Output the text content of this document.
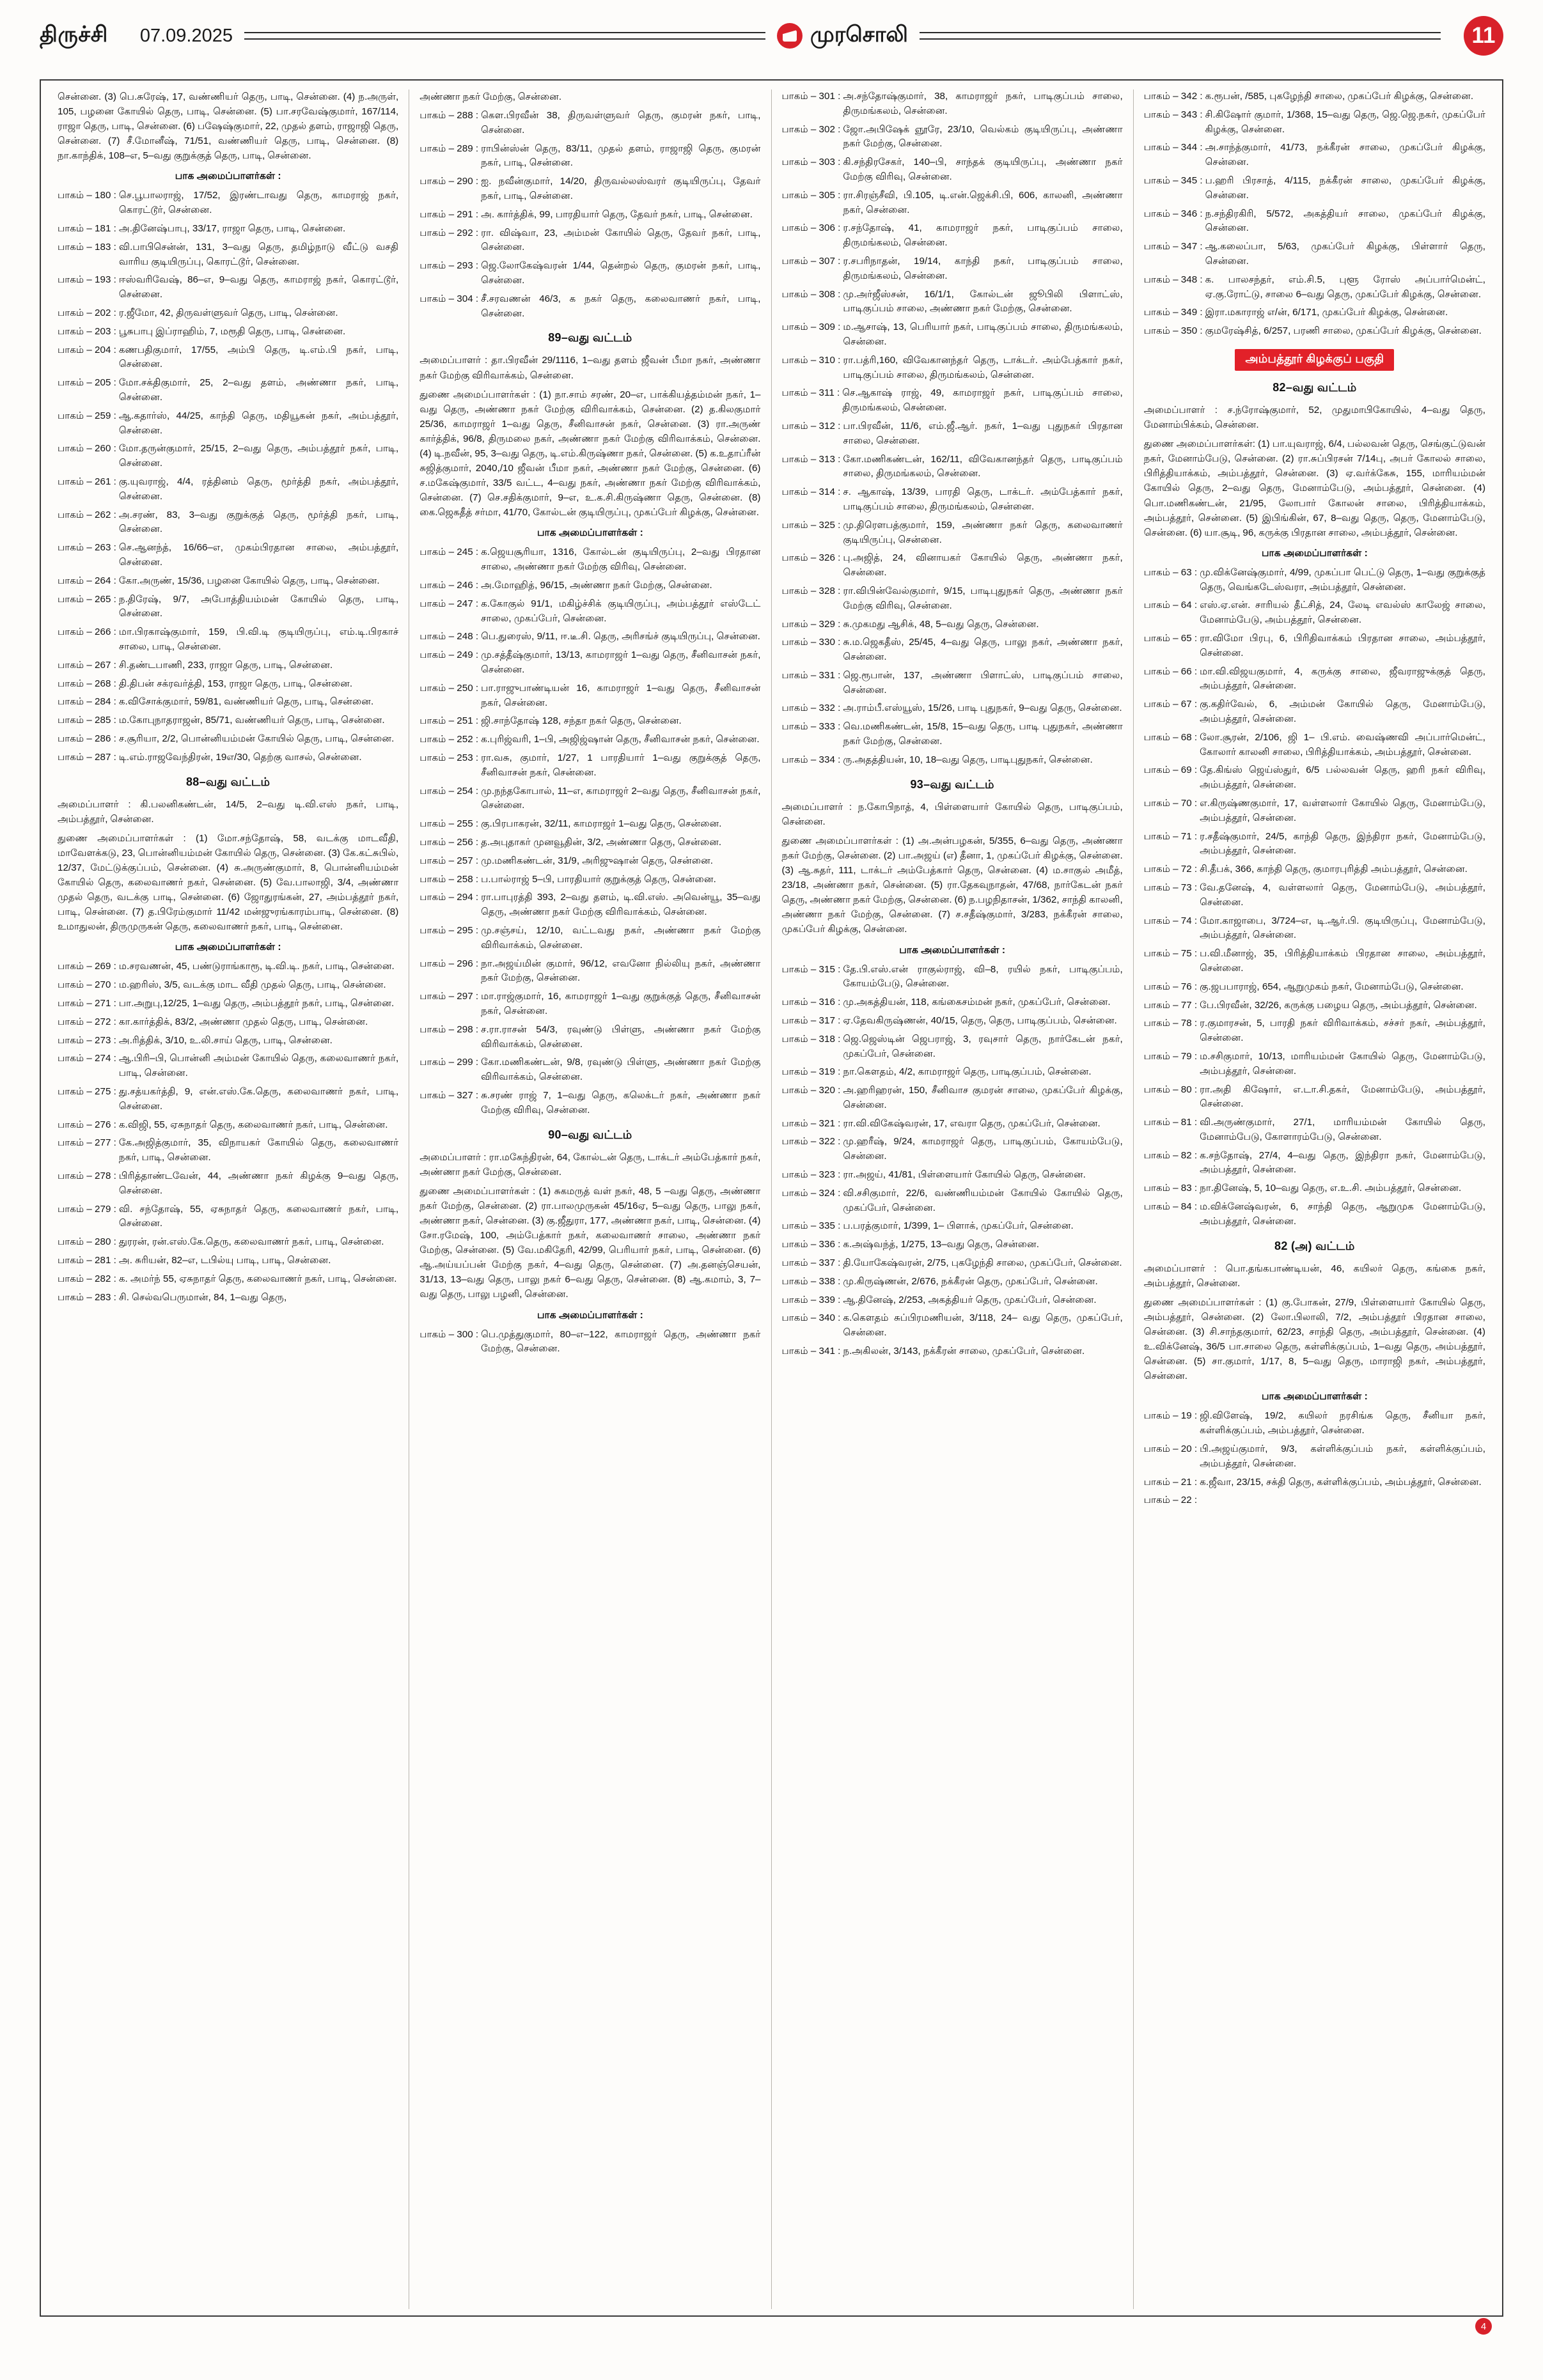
திருச்சி 07.09.2025	முரசொலி	11

சென்னை. (3) பெ.சுரேஷ், 17, வண்ணியர் தெரு, பாடி, சென்னை. (4) ந.அருள், 105, பழனை கோயில் தெரு, பாடி, சென்னை. (5) பா.சரவேஷ்குமார், 167/114, ராஜா தெரு, பாடி, சென்னை. (6) பஷேஷ்குமார், 22, முதல் தளம், ராஜாஜி தெரு, சென்னை. (7) சீ.மோனீஷ், 71/51, வண்ணியர் தெரு, பாடி, சென்னை. (8) நா.காந்திக், 108–எ, 5–வது குறுக்குத் தெரு, பாடி, சென்னை.

பாக அமைப்பாளர்கள் :
பாகம் – 180 : செ.பூபாலராஜ், 17/52, இரண்டாவது தெரு, காமராஜ் நகர், கொரட்டூர், சென்னை.
பாகம் – 181 : அ.தினேஷ்பாபு, 33/17, ராஜா தெரு, பாடி, சென்னை.
பாகம் – 183 : வி.பாபிசென்ன், 131, 3–வது தெரு, தமிழ்நாடு வீட்டு வசதி வாரிய குடியிருப்பு, கொரட்டூர், சென்னை.
பாகம் – 193 : ஈஸ்வரிவேஷ், 86–எ, 9–வது தெரு, காமராஜ் நகர், கொரட்டூர், சென்னை.
பாகம் – 202 : ர.ஜீமோ, 42, திருவள்ளுவர் தெரு, பாடி, சென்னை.
பாகம் – 203 : பூசுபாபு இப்ராஹிம், 7, மரூதி தெரு, பாடி, சென்னை.
பாகம் – 204 : கணபதிகுமார், 17/55, அம்பி தெரு, டி.எம்.பி நகர், பாடி, சென்னை.
பாகம் – 205 : மோ.சக்திகுமார், 25, 2–வது தளம், அண்ணா நகர், பாடி, சென்னை.
பாகம் – 259 : ஆ.கதார்ஸ், 44/25, காந்தி தெரு, மதியூகன் நகர், அம்பத்தூர், சென்னை.
பாகம் – 260 : மோ.தருன்குமார், 25/15, 2–வது தெரு, அம்பத்தூர் நகர், பாடி, சென்னை.
பாகம் – 261 : கு.யுவராஜ், 4/4, ரத்தினம் தெரு, மூர்த்தி நகர், அம்பத்தூர், சென்னை.
பாகம் – 262 : அ.சரண், 83, 3–வது குறுக்குத் தெரு, மூர்த்தி நகர், பாடி, சென்னை.
பாகம் – 263 : செ.ஆனந்த், 16/66–எ, முகம்பிரதான சாலை, அம்பத்தூர், சென்னை.
பாகம் – 264 : கோ.அருண், 15/36, பழனை கோயில் தெரு, பாடி, சென்னை.
பாகம் – 265 : ந.திரேஷ், 9/7, அபோத்தியம்மன் கோயில் தெரு, பாடி, சென்னை.
பாகம் – 266 : மா.பிரகாஷ்குமார், 159, பி.வி.டி குடியிருப்பு, எம்.டி.பிரகாச் சாலை, பாடி, சென்னை.
பாகம் – 267 : சி.தண்டபாணி, 233, ராஜா தெரு, பாடி, சென்னை.
பாகம் – 268 : தி.திபன் சக்ரவர்த்தி, 153, ராஜா தெரு, பாடி, சென்னை.
பாகம் – 284 : க.விசோக்குமார், 59/81, வண்ணியர் தெரு, பாடி, சென்னை.
பாகம் – 285 : ம.கோபுநாதராஜன், 85/71, வண்ணியர் தெரு, பாடி, சென்னை.
பாகம் – 286 : ச.சூரியா, 2/2, பொன்னியம்மன் கோயில் தெரு, பாடி, சென்னை.
பாகம் – 287 : டி.எம்.ராஜவேந்திரன், 19எ/30, தெற்கு வாசல், சென்னை.
88–வது வட்டம்

அமைப்பாளர் : கி.பலனிகண்டன், 14/5, 2–வது டி.வி.எஸ் நகர், பாடி, அம்பத்தூர், சென்னை.

துணை அமைப்பாளர்கள் : (1) மோ.சந்தோஷ், 58, வடக்கு மாடவீதி, மாவேளக்கடு, 23, பொன்னியம்மன் கோயில் தெரு, சென்னை. (3) கே.கட்சுபில், 12/37, மேட்டுக்குப்பம், சென்னை. (4) சு.அருண்குமார், 8, பொன்னியம்மன் கோயில் தெரு, கலைவாணர் நகர், சென்னை. (5) வே.பாலாஜி, 3/4, அண்ணா முதல் தெரு, வடக்கு பாடி, சென்னை. (6) ஜோதுரங்கன், 27, அம்பத்தூர் நகர், பாடி, சென்னை. (7) த.பிரேம்குமார் 11/42 மன்ஜுரங்காரம்பாடி, சென்னை. (8) உமாதுலன், திருமுருகன் தெரு, கலைவாணர் நகர், பாடி, சென்னை.

பாக அமைப்பாளர்கள் :
பாகம் – 269 : ம.சரவணன், 45, பண்டுராங்காரூ, டி.வி.டி. நகர், பாடி, சென்னை.
பாகம் – 270 : ம.ஹரிஸ், 3/5, வடக்கு மாட வீதி முதல் தெரு, பாடி, சென்னை.
பாகம் – 271 : பா.அறுபு,12/25, 1–வது தெரு, அம்பத்தூர் நகர், பாடி, சென்னை.
பாகம் – 272 : கா.கார்த்திக், 83/2, அண்ணா முதல் தெரு, பாடி, சென்னை.
பாகம் – 273 : அ.ரித்திக், 3/10, உ.லி.சாய் தெரு, பாடி, சென்னை.
பாகம் – 274 : ஆ.பிரி–பி, பொன்னி அம்மன் கோயில் தெரு, கலைவாணர் நகர், பாடி, சென்னை.
பாகம் – 275 : து.சத்யகர்த்தி, 9, என்.எஸ்.கே.தெரு, கலைவாணர் நகர், பாடி, சென்னை.
பாகம் – 276 : க.விஜி, 55, ஏசுநாதர் தெரு, கலைவாணர் நகர், பாடி, சென்னை.
பாகம் – 277 : கே.அஜித்குமார், 35, விநாயகர் கோயில் தெரு, கலைவாணர் நகர், பாடி, சென்னை.
பாகம் – 278 : பிரித்தாண்டவேன், 44, அண்ணா நகர் கிழக்கு 9–வது தெரு, சென்னை.
பாகம் – 279 : வி. சந்தோஷ், 55, ஏசுநாதர் தெரு, கலைவாணர் நகர், பாடி, சென்னை.
பாகம் – 280 : துரரன், ரன்.எஸ்.கே.தெரு, கலைவாணர் நகர், பாடி, சென்னை.
பாகம் – 281 : அ. சுரியன், 82–எ, டபில்யு பாடி, பாடி, சென்னை.
பாகம் – 282 : க. அமர்ந் 55, ஏசுநாதர் தெரு, கலைவாணர் நகர், பாடி, சென்னை.
பாகம் – 283 : சி. செல்வபெருமான், 84, 1–வது தெரு,

அண்ணா நகர் மேற்கு, சென்னை.

பாகம் – 288 : கௌ.பிரவீன் 38, திருவள்ளுவர் தெரு, குமரன் நகர், பாடி, சென்னை.
பாகம் – 289 : ராபின்ஸ்ன் தெரு, 83/11, முதல் தளம், ராஜாஜி தெரு, குமரன் நகர், பாடி, சென்னை.
பாகம் – 290 : ஐ. நவீன்குமார், 14/20, திருவல்லஸ்வரர் குடியிருப்பு, தேவர் நகர், பாடி, சென்னை.
பாகம் – 291 : அ. கார்த்திக், 99, பாரதியார் தெரு, தேவர் நகர், பாடி, சென்னை.
பாகம் – 292 : ரா. விஷ்வா, 23, அம்மன் கோயில் தெரு, தேவர் நகர், பாடி, சென்னை.
பாகம் – 293 : ஜெ.லோகேஷ்வரன் 1/44, தென்றல் தெரு, குமரன் நகர், பாடி, சென்னை.
பாகம் – 304 : சீ.சரவணன் 46/3, க நகர் தெரு, கலைவாணர் நகர், பாடி, சென்னை.
89–வது வட்டம்

அமைப்பாளர் : தா.பிரவீன் 29/1116, 1–வது தளம் ஜீவன் பீமா நகர், அண்ணா நகர் மேற்கு விரிவாக்கம், சென்னை.

துணை அமைப்பாளர்கள் : (1) நா.சாம் சரண், 20–எ, பாக்கியத்தம்மன் நகர், 1–வது தெரு, அண்ணா நகர் மேற்கு விரிவாக்கம், சென்னை. (2) த.கிலகுமார் 25/36, காமராஜர் 1–வது தெரு, சீனிவாசன் நகர், சென்னை. (3) ரா.அருண் கார்த்திக், 96/8, திருமலை நகர், அண்ணா நகர் மேற்கு விரிவாக்கம், சென்னை. (4) டி.நவீன், 95, 3–வது தெரு, டி.எம்.கிருஷ்ணா நகர், சென்னை. (5) க.உதாப்ரீன் சுஜித்குமார், 2040,/10 ஜீவன் பீமா நகர், அண்ணா நகர் மேற்கு, சென்னை. (6) ச.மகேஷ்குமார், 33/5 வட்ட, 4–வது நகர், அண்ணா நகர் மேற்கு விரிவாக்கம், சென்னை. (7) செ.சதிக்குமார், 9–எ, உ.க.சி.கிருஷ்ணா தெரு, சென்னை. (8) கை.ஜெகதீத் சர்மா, 41/70, கோல்டன் குடியிருப்பு, முகப்பேர் கிழக்கு, சென்னை.

பாக அமைப்பாளர்கள் :
பாகம் – 245 : க.ஜெயசூரியா, 1316, கோல்டன் குடியிருப்பு, 2–வது பிரதான சாலை, அண்ணா நகர் மேற்கு விரிவு, சென்னை.
பாகம் – 246 : அ.மோஹித், 96/15, அண்ணா நகர் மேற்கு, சென்னை.
பாகம் – 247 : க.கோகுல் 91/1, மகிழ்ச்சிக் குடியிருப்பு, அம்பத்தூர் எஸ்டேட் சாலை, முகப்பேர், சென்னை.
பாகம் – 248 : பெ.துரைஸ், 9/11, ஈ.டீ.சி. தெரு, அரிசங்ச் குடியிருப்பு, சென்னை.
பாகம் – 249 : மு.சத்தீஷ்குமார், 13/13, காமராஜர் 1–வது தெரு, சீனிவாசன் நகர், சென்னை.
பாகம் – 250 : பா.ராஜுபாண்டியன் 16, காமராஜர் 1–வது தெரு, சீனிவாசன் நகர், சென்னை.
பாகம் – 251 : ஜி.சாந்தோஷ் 128, சந்தா நகர் தெரு, சென்னை.
பாகம் – 252 : க.புரிஜ்வரி, 1–பி, அஜிஜ்ஷான் தெரு, சீனிவாசன் நகர், சென்னை.
பாகம் – 253 : ரா.வசு, குமார், 1/27, 1 பாரதியார் 1–வது குறுக்குத் தெரு, சீனிவாசன் நகர், சென்னை.
பாகம் – 254 : மு.நந்தகோபால், 11–எ, காமராஜர் 2–வது தெரு, சீனிவாசன் நகர், சென்னை.
பாகம் – 255 : கு.பிரபாகரன், 32/11, காமராஜர் 1–வது தெரு, சென்னை.
பாகம் – 256 : த.அபுதாகர் முனவூதின், 3/2, அண்ணா தெரு, சென்னை.
பாகம் – 257 : மு.மணிகண்டன், 31/9, அரிஜுஷான் தெரு, சென்னை.
பாகம் – 258 : ப.பால்ராஜ் 5–பி, பாரதியார் குறுக்குத் தெரு, சென்னை.
பாகம் – 294 : ரா.பாபுரத்தி 393, 2–வது தளம், டி.வி.எஸ். அவென்யூ, 35–வது தெரு, அண்ணா நகர் மேற்கு விரிவாக்கம், சென்னை.
பாகம் – 295 : மு.சஞ்சய், 12/10, வட்டவது நகர், அண்ணா நகர் மேற்கு விரிவாக்கம், சென்னை.
பாகம் – 296 : நா.அஜய்மின் குமார், 96/12, எவனோ நில்லியு நகர், அண்ணா நகர் மேற்கு, சென்னை.
பாகம் – 297 : மா.ராஜ்குமார், 16, காமராஜர் 1–வது குறுக்குத் தெரு, சீனிவாசன் நகர், சென்னை.
பாகம் – 298 : ச.ரா.ராசன் 54/3, ரவுண்டு பிள்ளு, அண்ணா நகர் மேற்கு விரிவாக்கம், சென்னை.
பாகம் – 299 : கோ.மணிகண்டன், 9/8, ரவுண்டு பிள்ளு, அண்ணா நகர் மேற்கு விரிவாக்கம், சென்னை.
பாகம் – 327 : சு.சரண் ராஜ் 7, 1–வது தெரு, கலெக்டர் நகர், அண்ணா நகர் மேற்கு விரிவு, சென்னை.
90–வது வட்டம்

அமைப்பாளர் : ரா.மகேந்திரன், 64, கோல்டன் தெரு, டாக்டர் அம்பேத்கார் நகர், அண்ணா நகர் மேற்கு, சென்னை.

துணை அமைப்பாளர்கள் : (1) சுகமருத் வள் நகர், 48, 5 –வது தெரு, அண்ணா நகர் மேற்கு, சென்னை. (2) ரா.பாலமுருகன் 45/16ஏ, 5–வது தெரு, பாலு நகர், அண்ணா நகர், சென்னை. (3) கு.ஜீதுரா, 177, அண்ணா நகர், பாடி, சென்னை. (4) சோ.ரமேஷ், 100, அம்பேத்கார் நகர், கலைவாணர் சாலை, அண்ணா நகர் மேற்கு, சென்னை. (5) வே.மகிதேரி, 42/99, பெரியார் நகர், பாடி, சென்னை. (6) ஆ.அய்யப்பன் மேற்கு நகர், 4–வது தெரு, சென்னை. (7) அ.தனஞ்செயன், 31/13, 13–வது தெரு, பாலு நகர் 6–வது தெரு, சென்னை. (8) ஆ.கமாம், 3, 7–வது தெரு, பாலு பழனி, சென்னை.

பாக அமைப்பாளர்கள் :
பாகம் – 300 : பெ.முத்துகுமார், 80–எ–122, காமராஜர் தெரு, அண்ணா நகர் மேற்கு, சென்னை.
பாகம் – 301 : அ.சந்தோஷ்குமார், 38, காமராஜர் நகர், பாடிகுப்பம் சாலை, திருமங்கலம், சென்னை.
பாகம் – 302 : ஜோ.அபிஷேக் ஞூரே, 23/10, வெல்கம் குடியிருப்பு, அண்ணா நகர் மேற்கு, சென்னை.
பாகம் – 303 : கி.சந்திரசேகர், 140–பி, சாந்தக் குடியிருப்பு, அண்ணா நகர் மேற்கு விரிவு, சென்னை.
பாகம் – 305 : ரா.சிரஞ்சீவி, பி.105, டி.என்.ஜெக்சி.பி, 606, காலனி, அண்ணா நகர், சென்னை.
பாகம் – 306 : ர.சந்தோஷ், 41, காமராஜர் நகர், பாடிகுப்பம் சாலை, திருமங்கலம், சென்னை.
பாகம் – 307 : ர.சபரிநாதன், 19/14, காந்தி நகர், பாடிகுப்பம் சாலை, திருமங்கலம், சென்னை.
பாகம் – 308 : மு.அர்ஜீஸ்சன், 16/1/1, கோல்டன் ஜூபிலி பிளாட்ஸ், பாடிகுப்பம் சாலை, அண்ணா நகர் மேற்கு, சென்னை.
பாகம் – 309 : ம.ஆசாஷ், 13, பெரியார் நகர், பாடிகுப்பம் சாலை, திருமங்கலம், சென்னை.
பாகம் – 310 : ரா.பத்ரி,160, விவேகானந்தர் தெரு, டாக்டர். அம்பேத்கார் நகர், பாடிகுப்பம் சாலை, திருமங்கலம், சென்னை.
பாகம் – 311 : செ.ஆகாஷ் ராஜ், 49, காமராஜர் நகர், பாடிகுப்பம் சாலை, திருமங்கலம், சென்னை.
பாகம் – 312 : பா.பிரவீன், 11/6, எம்.ஜீ.ஆர். நகர், 1–வது புதுநகர் பிரதான சாலை, சென்னை.
பாகம் – 313 : கோ.மணிகண்டன், 162/11, விவேகானந்தர் தெரு, பாடிகுப்பம் சாலை, திருமங்கலம், சென்னை.
பாகம் – 314 : ச. ஆகாஷ், 13/39, பாரதி தெரு, டாக்டர். அம்பேத்கார் நகர், பாடிகுப்பம் சாலை, திருமங்கலம், சென்னை.
பாகம் – 325 : மு.திரௌபத்குமார், 159, அண்ணா நகர் தெரு, கலைவாணர் குடியிருப்பு, சென்னை.
பாகம் – 326 : பு.அஜித், 24, வினாயகர் கோயில் தெரு, அண்ணா நகர், சென்னை.
பாகம் – 328 : ரா.விபின்வேல்குமார், 9/15, பாடிபுதுநகர் தெரு, அண்ணா நகர் மேற்கு விரிவு, சென்னை.
பாகம் – 329 : சு.முகமது ஆசிக், 48, 5–வது தெரு, சென்னை.
பாகம் – 330 : சு.ம.ஜெகதீஸ், 25/45, 4–வது தெரு, பாலு நகர், அண்ணா நகர், சென்னை.
பாகம் – 331 : ஜெ.ரூபான், 137, அண்ணா பிளாட்ஸ், பாடிகுப்பம் சாலை, சென்னை.
பாகம் – 332 : அ.ராம்பீ.எஸ்யூஸ், 15/26, பாடி புதுநகர், 9–வது தெரு, சென்னை.
பாகம் – 333 : வெ.மணிகண்டன், 15/8, 15–வது தெரு, பாடி புதுநகர், அண்ணா நகர் மேற்கு, சென்னை.
பாகம் – 334 : ரு.அதத்தியன், 10, 18–வது தெரு, பாடிபுதுநகர், சென்னை.
93–வது வட்டம்

அமைப்பாளர் : ந.கோபிநாத், 4, பிள்ளையார் கோயில் தெரு, பாடிகுப்பம், சென்னை.

துணை அமைப்பாளர்கள் : (1) அ.அன்பழகன், 5/355, 6–வது தெரு, அண்ணா நகர் மேற்கு, சென்னை. (2) பா.அஜய் (எ) தீனா, 1, முகப்பேர் கிழக்கு, சென்னை. (3) ஆ.சுதர், 111, டாக்டர் அம்பேத்கார் தெரு, சென்னை. (4) ம.சாகுல் அமீத், 23/18, அண்ணா நகர், சென்னை. (5) ரா.தேகவுநாதன், 47/68, நார்கேடன் நகர் தெரு, அண்ணா நகர் மேற்கு, சென்னை. (6) ந.பழநிதாசன், 1/362, சாந்தி காலனி, அண்ணா நகர் மேற்கு, சென்னை. (7) ச.சதீஷ்குமார், 3/283, நக்கீரன் சாலை, முகப்பேர் கிழக்கு, சென்னை.

பாக அமைப்பாளர்கள் :
பாகம் – 315 : தே.பி.எஸ்.என் ராகுல்ராஜ், வி–8, ரயில் நகர், பாடிகுப்பம், கோயம்பேடு, சென்னை.
பாகம் – 316 : மு.அகத்தியன், 118, கங்கைசம்மன் நகர், முகப்பேர், சென்னை.
பாகம் – 317 : ஏ.தேவகிருஷ்ணன், 40/15, தெரு, தெரு, பாடிகுப்பம், சென்னை.
பாகம் – 318 : ஜெ.ஜெஸ்டின் ஜெபராஜ், 3, ரவுசார் தெரு, நார்கேடன் நகர், முகப்பேர், சென்னை.
பாகம் – 319 : நா.கௌதம், 4/2, காமராஜர் தெரு, பாடிகுப்பம், சென்னை.
பாகம் – 320 : அ.ஹரிஹரன், 150, சீனிவாச குமரன் சாலை, முகப்பேர் கிழக்கு, சென்னை.
பாகம் – 321 : ரா.வி.விகேஷ்வரன், 17, எவரா தெரு, முகப்பேர், சென்னை.
பாகம் – 322 : மு.ஹரீஷ், 9/24, காமராஜர் தெரு, பாடிகுப்பம், கோயம்பேடு, சென்னை.
பாகம் – 323 : ரா.அஜய், 41/81, பிள்ளையார் கோயில் தெரு, சென்னை.
பாகம் – 324 : வி.சசிகுமார், 22/6, வண்ணியம்மன் கோயில் கோயில் தெரு, முகப்பேர், சென்னை.
பாகம் – 335 : ப.பரத்குமார், 1/399, 1– பிளாக், முகப்பேர், சென்னை.
பாகம் – 336 : க.அஷ்வந்த், 1/275, 13–வது தெரு, சென்னை.
பாகம் – 337 : தி.யோகேஷ்வரன், 2/75, புகழேந்தி சாலை, முகப்பேர், சென்னை.
பாகம் – 338 : மு.கிருஷ்ணன், 2/676, நக்கீரன் தெரு, முகப்பேர், சென்னை.
பாகம் – 339 : ஆ.தினேஷ், 2/253, அகத்தியர் தெரு, முகப்பேர், சென்னை.
பாகம் – 340 : க.கௌதம் சுப்பிரமணியன், 3/118, 24– வது தெரு, முகப்பேர், சென்னை.
பாகம் – 341 : ந.அகிலன், 3/143, நக்கீரன் சாலை, முகப்பேர், சென்னை.
பாகம் – 342 : க.ரூபன், /585, புகழேந்தி சாலை, முகப்பேர் கிழக்கு, சென்னை.
பாகம் – 343 : சி.கிஷோர் குமார், 1/368, 15–வது தெரு, ஜெ.ஜெ.நகர், முகப்பேர் கிழக்கு, சென்னை.
பாகம் – 344 : அ.சாந்த்குமார், 41/73, நக்கீரன் சாலை, முகப்பேர் கிழக்கு, சென்னை.
பாகம் – 345 : ப.ஹரி பிரசாத், 4/115, நக்கீரன் சாலை, முகப்பேர் கிழக்கு, சென்னை.
பாகம் – 346 : ந.சந்திரகிரி, 5/572, அகத்தியர் சாலை, முகப்பேர் கிழக்கு, சென்னை.
பாகம் – 347 : ஆ.கலைப்பா, 5/63, முகப்பேர் கிழக்கு, பிள்ளார் தெரு, சென்னை.
பாகம் – 348 : க. பாலசந்தர், எம்.சி.5, புளூ ரோஸ் அப்பார்மென்ட், ஏ.கு.ரோட்டு, சாலை 6–வது தெரு, முகப்பேர் கிழக்கு, சென்னை.
பாகம் – 349 : இரா.மகாராஜ் எ/ன், 6/171, முகப்பேர் கிழக்கு, சென்னை.
பாகம் – 350 : குமரேஷ்சித், 6/257, பரணி சாலை, முகப்பேர் கிழக்கு, சென்னை.
அம்பத்தூர் கிழக்குப் பகுதி
82–வது வட்டம்

அமைப்பாளர் : ச.ந்ரோஷ்குமார், 52, முதுமாபிகோயில், 4–வது தெரு, மேனாம்பிக்கம், சென்னை.

துணை அமைப்பாளர்கள்: (1) பா.யுவராஜ், 6/4, பல்லவன் தெரு, செங்குட்டுவன் நகர், மேனாம்பேடு, சென்னை. (2) ரா.சுப்பிரசன் 7/14பு, அபர் கோலல் சாலை, பிரித்தியாக்கம், அம்பத்தூர், சென்னை. (3) ஏ.வர்க்கேசு, 155, மாரியம்மன் கோயில் தெரு, 2–வது தெரு, மேனாம்பேடு, அம்பத்தூர், சென்னை. (4) பொ.மணிகண்டன், 21/95, லோபார் கோலன் சாலை, பிரித்தியாக்கம், அம்பத்தூர், சென்னை. (5) இபிங்கின், 67, 8–வது தெரு, தெரு, மேனாம்பேடு, சென்னை. (6) யா.சூடி, 96, கருக்கு பிரதான சாலை, அம்பத்தூர், சென்னை.

பாக அமைப்பாளர்கள் :
பாகம் – 63 : மு.விக்னேஷ்குமார், 4/99, முகப்பா பெட்டு தெரு, 1–வது குறுக்குத் தெரு, வெங்கடேஸ்வரா, அம்பத்தூர், சென்னை.
பாகம் – 64 : எஸ்.ஏ.என். சாரியல் தீட்சித், 24, லேடி எவல்ஸ் காலேஜ் சாலை, மேனாம்பேடு, அம்பத்தூர், சென்னை.
பாகம் – 65 : ரா.விமோ பிரபு, 6, பிரிதிவாக்கம் பிரதான சாலை, அம்பத்தூர், சென்னை.
பாகம் – 66 : மா.வி.விஜயகுமார், 4, கருக்கு சாலை, ஜீவராஜுக்குத் தெரு, அம்பத்தூர், சென்னை.
பாகம் – 67 : கு.கதிர்வேல், 6, அம்மன் கோயில் தெரு, மேனாம்பேடு, அம்பத்தூர், சென்னை.
பாகம் – 68 : லோ.சூரன், 2/106, ஜி 1– பி.எம். வைஷ்ணவி அப்பார்மென்ட், கோலார் காலனி சாலை, பிரித்தியாக்கம், அம்பத்தூர், சென்னை.
பாகம் – 69 : தே.கிங்ஸ் ஜெய்ஸ்துர், 6/5 பல்லவன் தெரு, ஹரி நகர் விரிவு, அம்பத்தூர், சென்னை.
பாகம் – 70 : எ.கிருஷ்ணகுமார், 17, வள்ளலார் கோயில் தெரு, மேனாம்பேடு, அம்பத்தூர், சென்னை.
பாகம் – 71 : ர.சதீஷ்குமார், 24/5, காந்தி தெரு, இந்திரா நகர், மேனாம்பேடு, அம்பத்தூர், சென்னை.
பாகம் – 72 : சி.தீபக், 366, காந்தி தெரு, குமாரபுரித்தி அம்பத்தூர், சென்னை.
பாகம் – 73 : வே.தனேஷ், 4, வள்ளலார் தெரு, மேனாம்பேடு, அம்பத்தூர், சென்னை.
பாகம் – 74 : மோ.காஜாபை, 3/724–எ, டி.ஆர்.பி. குடியிருப்பு, மேனாம்பேடு, அம்பத்தூர், சென்னை.
பாகம் – 75 : ப.வி.மீனாஜ், 35, பிரித்தியாக்கம் பிரதான சாலை, அம்பத்தூர், சென்னை.
பாகம் – 76 : கு.ஜபபாராஜ், 654, ஆறுமுகம் நகர், மேனாம்பேடு, சென்னை.
பாகம் – 77 : பே.பிரவீன், 32/26, கருக்கு பழைய தெரு, அம்பத்தூர், சென்னை.
பாகம் – 78 : ர.குமாரசன், 5, பாரதி நகர் விரிவாக்கம், சச்சர் நகர், அம்பத்தூர், சென்னை.
பாகம் – 79 : ம.சசிகுமார், 10/13, மாரியம்மன் கோயில் தெரு, மேனாம்பேடு, அம்பத்தூர், சென்னை.
பாகம் – 80 : ரா.அதி கிஷோர், எ.டா.சி.தகர், மேனாம்பேடு, அம்பத்தூர், சென்னை.
பாகம் – 81 : வி.அருண்குமார், 27/1, மாரியம்மன் கோயில் தெரு, மேனாம்பேடு, கோளாரம்பேடு, சென்னை.
பாகம் – 82 : க.சந்தோஷ், 27/4, 4–வது தெரு, இந்திரா நகர், மேனாம்பேடு, அம்பத்தூர், சென்னை.
பாகம் – 83 : நா.தினேஷ், 5, 10–வது தெரு, எ.உ.சி. அம்பத்தூர், சென்னை.
பாகம் – 84 : ம.விக்னேஷ்வரன், 6, சாந்தி தெரு, ஆறுமுக மேனாம்பேடு, அம்பத்தூர், சென்னை.
82 (அ) வட்டம்

அமைப்பாளர் : பொ.தங்கபாண்டியன், 46, கயிலர் தெரு, கங்கை நகர், அம்பத்தூர், சென்னை.

துணை அமைப்பாளர்கள் : (1) கு.போகன், 27/9, பிள்ளையார் கோயில் தெரு, அம்பத்தூர், சென்னை. (2) லோ.பிலாலி, 7/2, அம்பத்தூர் பிரதான சாலை, சென்னை. (3) சி.சாந்தகுமார், 62/23, சாந்தி தெரு, அம்பத்தூர், சென்னை. (4) உ.விக்னேஷ், 36/5 பா.சாலை தெரு, கள்ளிக்குப்பம், 1–வது தெரு, அம்பத்தூர், சென்னை. (5) சா.குமார், 1/17, 8, 5–வது தெரு, மாராஜி நகர், அம்பத்தூர், சென்னை.

பாக அமைப்பாளர்கள் :
பாகம் – 19 : ஜி.விளேஷ், 19/2, கயிலர் நரசிங்க தெரு, சீனியா நகர், கள்ளிக்குப்பம், அம்பத்தூர், சென்னை.
பாகம் – 20 : பி.அஜய்குமார், 9/3, கள்ளிக்குப்பம் நகர், கள்ளிக்குப்பம், அம்பத்தூர், சென்னை.
பாகம் – 21 : க.ஜீவா, 23/15, சக்தி தெரு, கள்ளிக்குப்பம், அம்பத்தூர், சென்னை.
பாகம் – 22 :
4
